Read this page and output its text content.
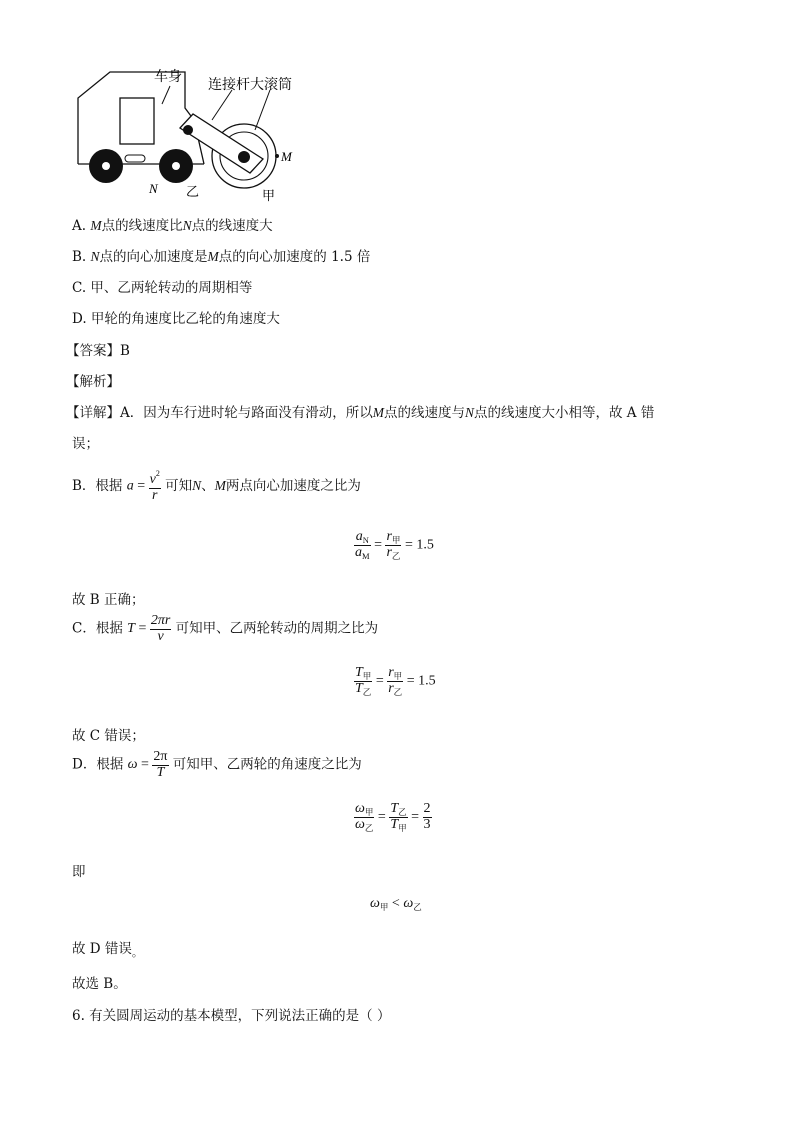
车身 连接杆大滚筒
M
N 乙	甲
A. M点的线速度比N点的线速度大
B. N点的向心加速度是M点的向心加速度的 1.5 倍
C. 甲、乙两轮转动的周期相等
D. 甲轮的角速度比乙轮的角速度大
【答案】B
【解析】
【详解】A．因为车行进时轮与路面没有滑动，所以M点的线速度与N点的线速度大小相等，故 A 错
误；
B．根据 $a = \frac{v^2}{r}$ 可知N、M两点向心加速度之比为
$\frac{a_N}{a_M} = \frac{r_甲}{r_乙} = 1.5$
故 B 正确；
C．根据 $T = \frac{2\pi r}{v}$ 可知甲、乙两轮转动的周期之比为
$\frac{T_甲}{T_乙} = \frac{r_甲}{r_乙} = 1.5$
故 C 错误；
D．根据 $\omega = \frac{2\pi}{T}$ 可知甲、乙两轮的角速度之比为
$\frac{\omega_甲}{\omega_乙} = \frac{T_乙}{T_甲} = \frac{2}{3}$
即
$\omega_甲 < \omega_乙$
故 D 错误$_。$
故选 B。
6. 有关圆周运动的基本模型，下列说法正确的是（ ）
